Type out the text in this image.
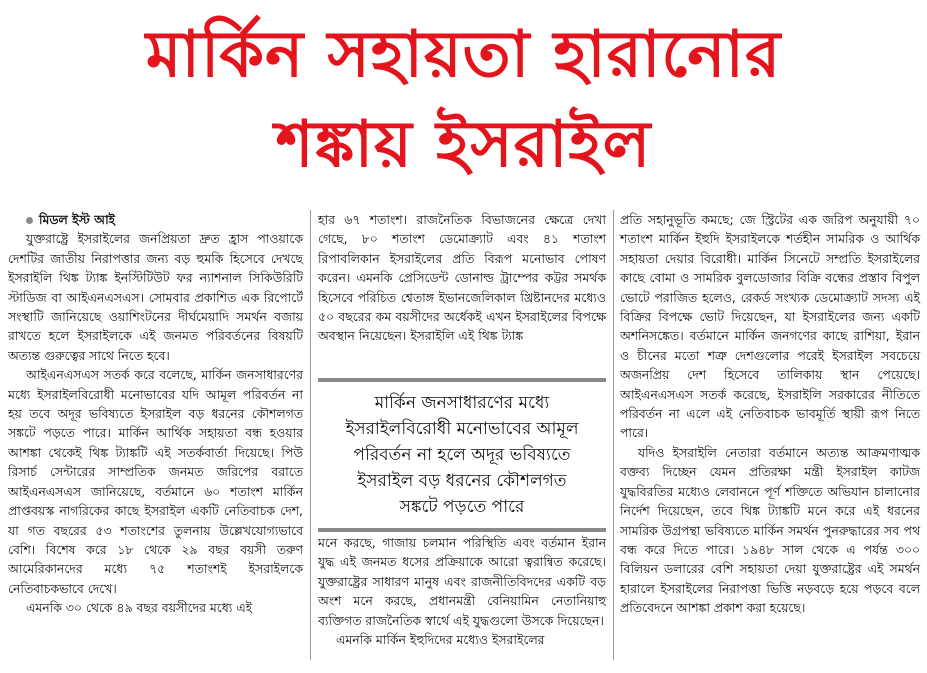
মার্কিন সহায়তা হারানোর
শঙ্কায় ইসরাইল

মিডল ইস্ট আই

যুক্তরাষ্ট্রে ইসরাইলের জনপ্রিয়তা দ্রুত হ্রাস পাওয়াকে দেশটির জাতীয় নিরাপত্তার জন্য বড় হুমকি হিসেবে দেখছে ইসরাইলি থিঙ্ক ট্যাঙ্ক ইনস্টিটিউট ফর ন্যাশনাল সিকিউরিটি স্টাডিজ বা আইএনএসএস। সোমবার প্রকাশিত এক রিপোর্টে সংস্থাটি জানিয়েছে ওয়াশিংটনের দীর্ঘমেয়াদি সমর্থন বজায় রাখতে হলে ইসরাইলকে এই জনমত পরিবর্তনের বিষয়টি অত্যন্ত গুরুত্বের সাথে নিতে হবে।

আইএনএসএস সতর্ক করে বলেছে, মার্কিন জনসাধারণের মধ্যে ইসরাইলবিরোধী মনোভাবের যদি আমূল পরিবর্তন না হয় তবে অদূর ভবিষ্যতে ইসরাইল বড় ধরনের কৌশলগত সঙ্কটে পড়তে পারে। মার্কিন আর্থিক সহায়তা বন্ধ হওয়ার আশঙ্কা থেকেই থিঙ্ক ট্যাঙ্কটি এই সতর্কবার্তা দিয়েছে। পিউ রিসার্চ সেন্টারের সাম্প্রতিক জনমত জরিপের বরাতে আইএনএসএস জানিয়েছে, বর্তমানে ৬০ শতাংশ মার্কিন প্রাপ্তবয়স্ক নাগরিকের কাছে ইসরাইল একটি নেতিবাচক দেশ, যা গত বছরের ৫৩ শতাংশের তুলনায় উল্লেখযোগ্যভাবে বেশি। বিশেষ করে ১৮ থেকে ২৯ বছর বয়সী তরুণ আমেরিকানদের মধ্যে ৭৫ শতাংশই ইসরাইলকে নেতিবাচকভাবে দেখে।

এমনকি ৩০ থেকে ৪৯ বছর বয়সীদের মধ্যে এই

হার ৬৭ শতাংশ। রাজনৈতিক বিভাজনের ক্ষেত্রে দেখা গেছে, ৮০ শতাংশ ডেমোক্র্যাট এবং ৪১ শতাংশ রিপাবলিকান ইসরাইলের প্রতি বিরূপ মনোভাব পোষণ করেন। এমনকি প্রেসিডেন্ট ডোনাল্ড ট্রাম্পের কট্টর সমর্থক হিসেবে পরিচিত শ্বেতাঙ্গ ইভানজেলিকাল খ্রিষ্টানদের মধ্যেও ৫০ বছরের কম বয়সীদের অর্ধেকই এখন ইসরাইলের বিপক্ষে অবস্থান নিয়েছেন। ইসরাইলি এই থিঙ্ক ট্যাঙ্ক

মার্কিন জনসাধারণের মধ্যে
ইসরাইলবিরোধী মনোভাবের আমূল
পরিবর্তন না হলে অদূর ভবিষ্যতে
ইসরাইল বড় ধরনের কৌশলগত
সঙ্কটে পড়তে পারে

মনে করছে, গাজায় চলমান পরিস্থিতি এবং বর্তমান ইরান যুদ্ধ এই জনমত ধসের প্রক্রিয়াকে আরো ত্বরান্বিত করেছে। যুক্তরাষ্ট্রের সাধারণ মানুষ এবং রাজনীতিবিদদের একটি বড় অংশ মনে করছে, প্রধানমন্ত্রী বেনিয়ামিন নেতানিয়াহু ব্যক্তিগত রাজনৈতিক স্বার্থে এই যুদ্ধগুলো উসকে দিয়েছেন।

এমনকি মার্কিন ইহুদিদের মধ্যেও ইসরাইলের

প্রতি সহানুভূতি কমছে; জে স্ট্রিটের এক জরিপ অনুযায়ী ৭০ শতাংশ মার্কিন ইহুদি ইসরাইলকে শর্তহীন সামরিক ও আর্থিক সহায়তা দেয়ার বিরোধী। মার্কিন সিনেটে সম্প্রতি ইসরাইলের কাছে বোমা ও সামরিক বুলডোজার বিক্রি বন্ধের প্রস্তাব বিপুল ভোটে পরাজিত হলেও, রেকর্ড সংখ্যক ডেমোক্র্যাট সদস্য এই বিক্রির বিপক্ষে ভোট দিয়েছেন, যা ইসরাইলের জন্য একটি অশনিসঙ্কেত। বর্তমানে মার্কিন জনগণের কাছে রাশিয়া, ইরান ও চীনের মতো শত্রু দেশগুলোর পরেই ইসরাইল সবচেয়ে অজনপ্রিয় দেশ হিসেবে তালিকায় স্থান পেয়েছে। আইএনএসএস সতর্ক করেছে, ইসরাইলি সরকারের নীতিতে পরিবর্তন না এলে এই নেতিবাচক ভাবমূর্তি স্থায়ী রূপ নিতে পারে।

যদিও ইসরাইলি নেতারা বর্তমানে অত্যন্ত আক্রমণাত্মক বক্তব্য দিচ্ছেন যেমন প্রতিরক্ষা মন্ত্রী ইসরাইল কাটজ যুদ্ধবিরতির মধ্যেও লেবাননে পূর্ণ শক্তিতে অভিযান চালানোর নির্দেশ দিয়েছেন, তবে থিঙ্ক ট্যাঙ্কটি মনে করে এই ধরনের সামরিক উগ্রপন্থা ভবিষ্যতে মার্কিন সমর্থন পুনরুদ্ধারের সব পথ বন্ধ করে দিতে পারে। ১৯৪৮ সাল থেকে এ পর্যন্ত ৩০০ বিলিয়ন ডলারের বেশি সহায়তা দেয়া যুক্তরাষ্ট্রের এই সমর্থন হারালে ইসরাইলের নিরাপত্তা ভিত্তি নড়বড়ে হয়ে পড়বে বলে প্রতিবেদনে আশঙ্কা প্রকাশ করা হয়েছে।
